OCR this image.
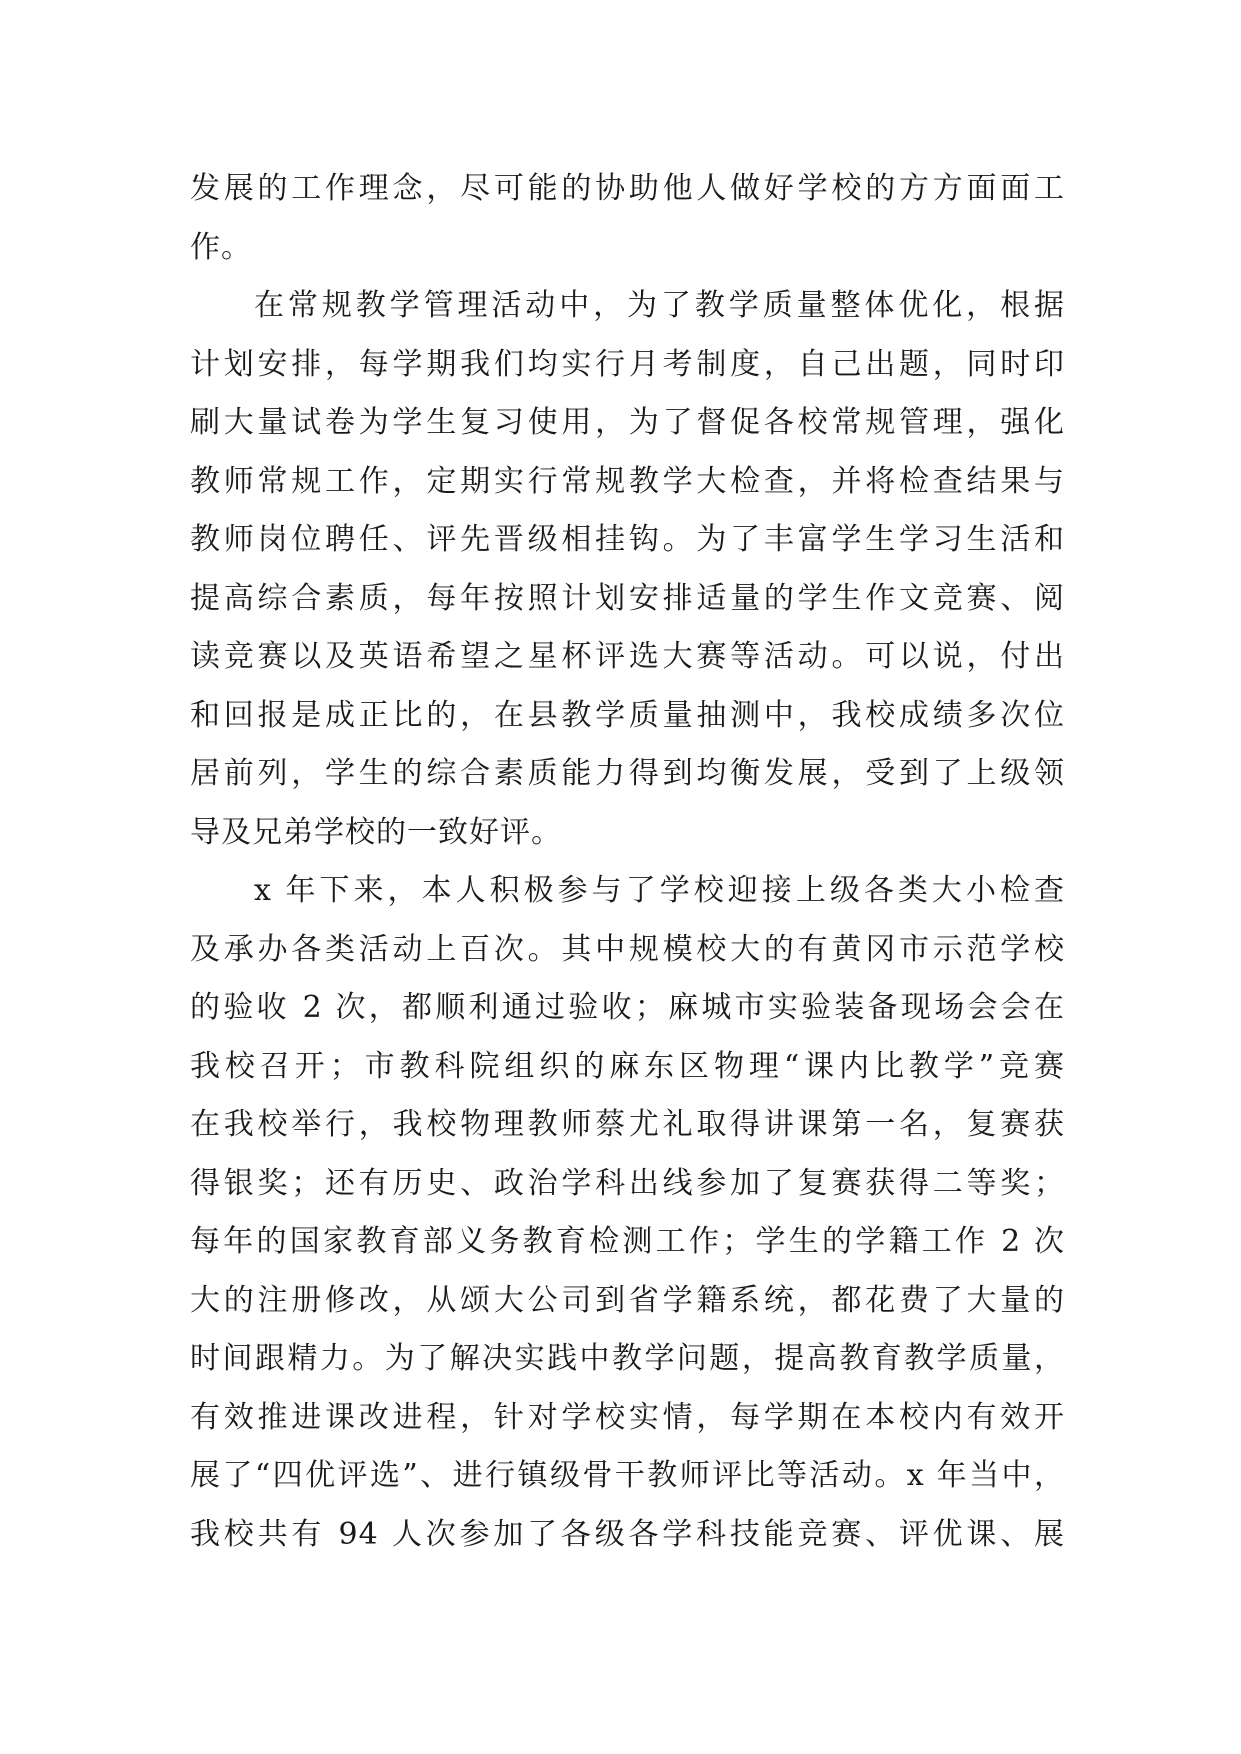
发展的工作理念，尽可能的协助他人做好学校的方方面面工
作。
在常规教学管理活动中，为了教学质量整体优化，根据
计划安排，每学期我们均实行月考制度，自己出题，同时印
刷大量试卷为学生复习使用，为了督促各校常规管理，强化
教师常规工作，定期实行常规教学大检查，并将检查结果与
教师岗位聘任、评先晋级相挂钩。为了丰富学生学习生活和
提高综合素质，每年按照计划安排适量的学生作文竞赛、阅
读竞赛以及英语希望之星杯评选大赛等活动。可以说，付出
和回报是成正比的，在县教学质量抽测中，我校成绩多次位
居前列，学生的综合素质能力得到均衡发展，受到了上级领
导及兄弟学校的一致好评。
x 年下来，本人积极参与了学校迎接上级各类大小检查
及承办各类活动上百次。其中规模校大的有黄冈市示范学校
的验收 2 次，都顺利通过验收；麻城市实验装备现场会会在
我校召开；市教科院组织的麻东区物理“课内比教学”竞赛
在我校举行，我校物理教师蔡尤礼取得讲课第一名，复赛获
得银奖；还有历史、政治学科出线参加了复赛获得二等奖；
每年的国家教育部义务教育检测工作；学生的学籍工作 2 次
大的注册修改，从颂大公司到省学籍系统，都花费了大量的
时间跟精力。为了解决实践中教学问题，提高教育教学质量，
有效推进课改进程，针对学校实情，每学期在本校内有效开
展了“四优评选”、进行镇级骨干教师评比等活动。x 年当中，
我校共有 94 人次参加了各级各学科技能竞赛、评优课、展
